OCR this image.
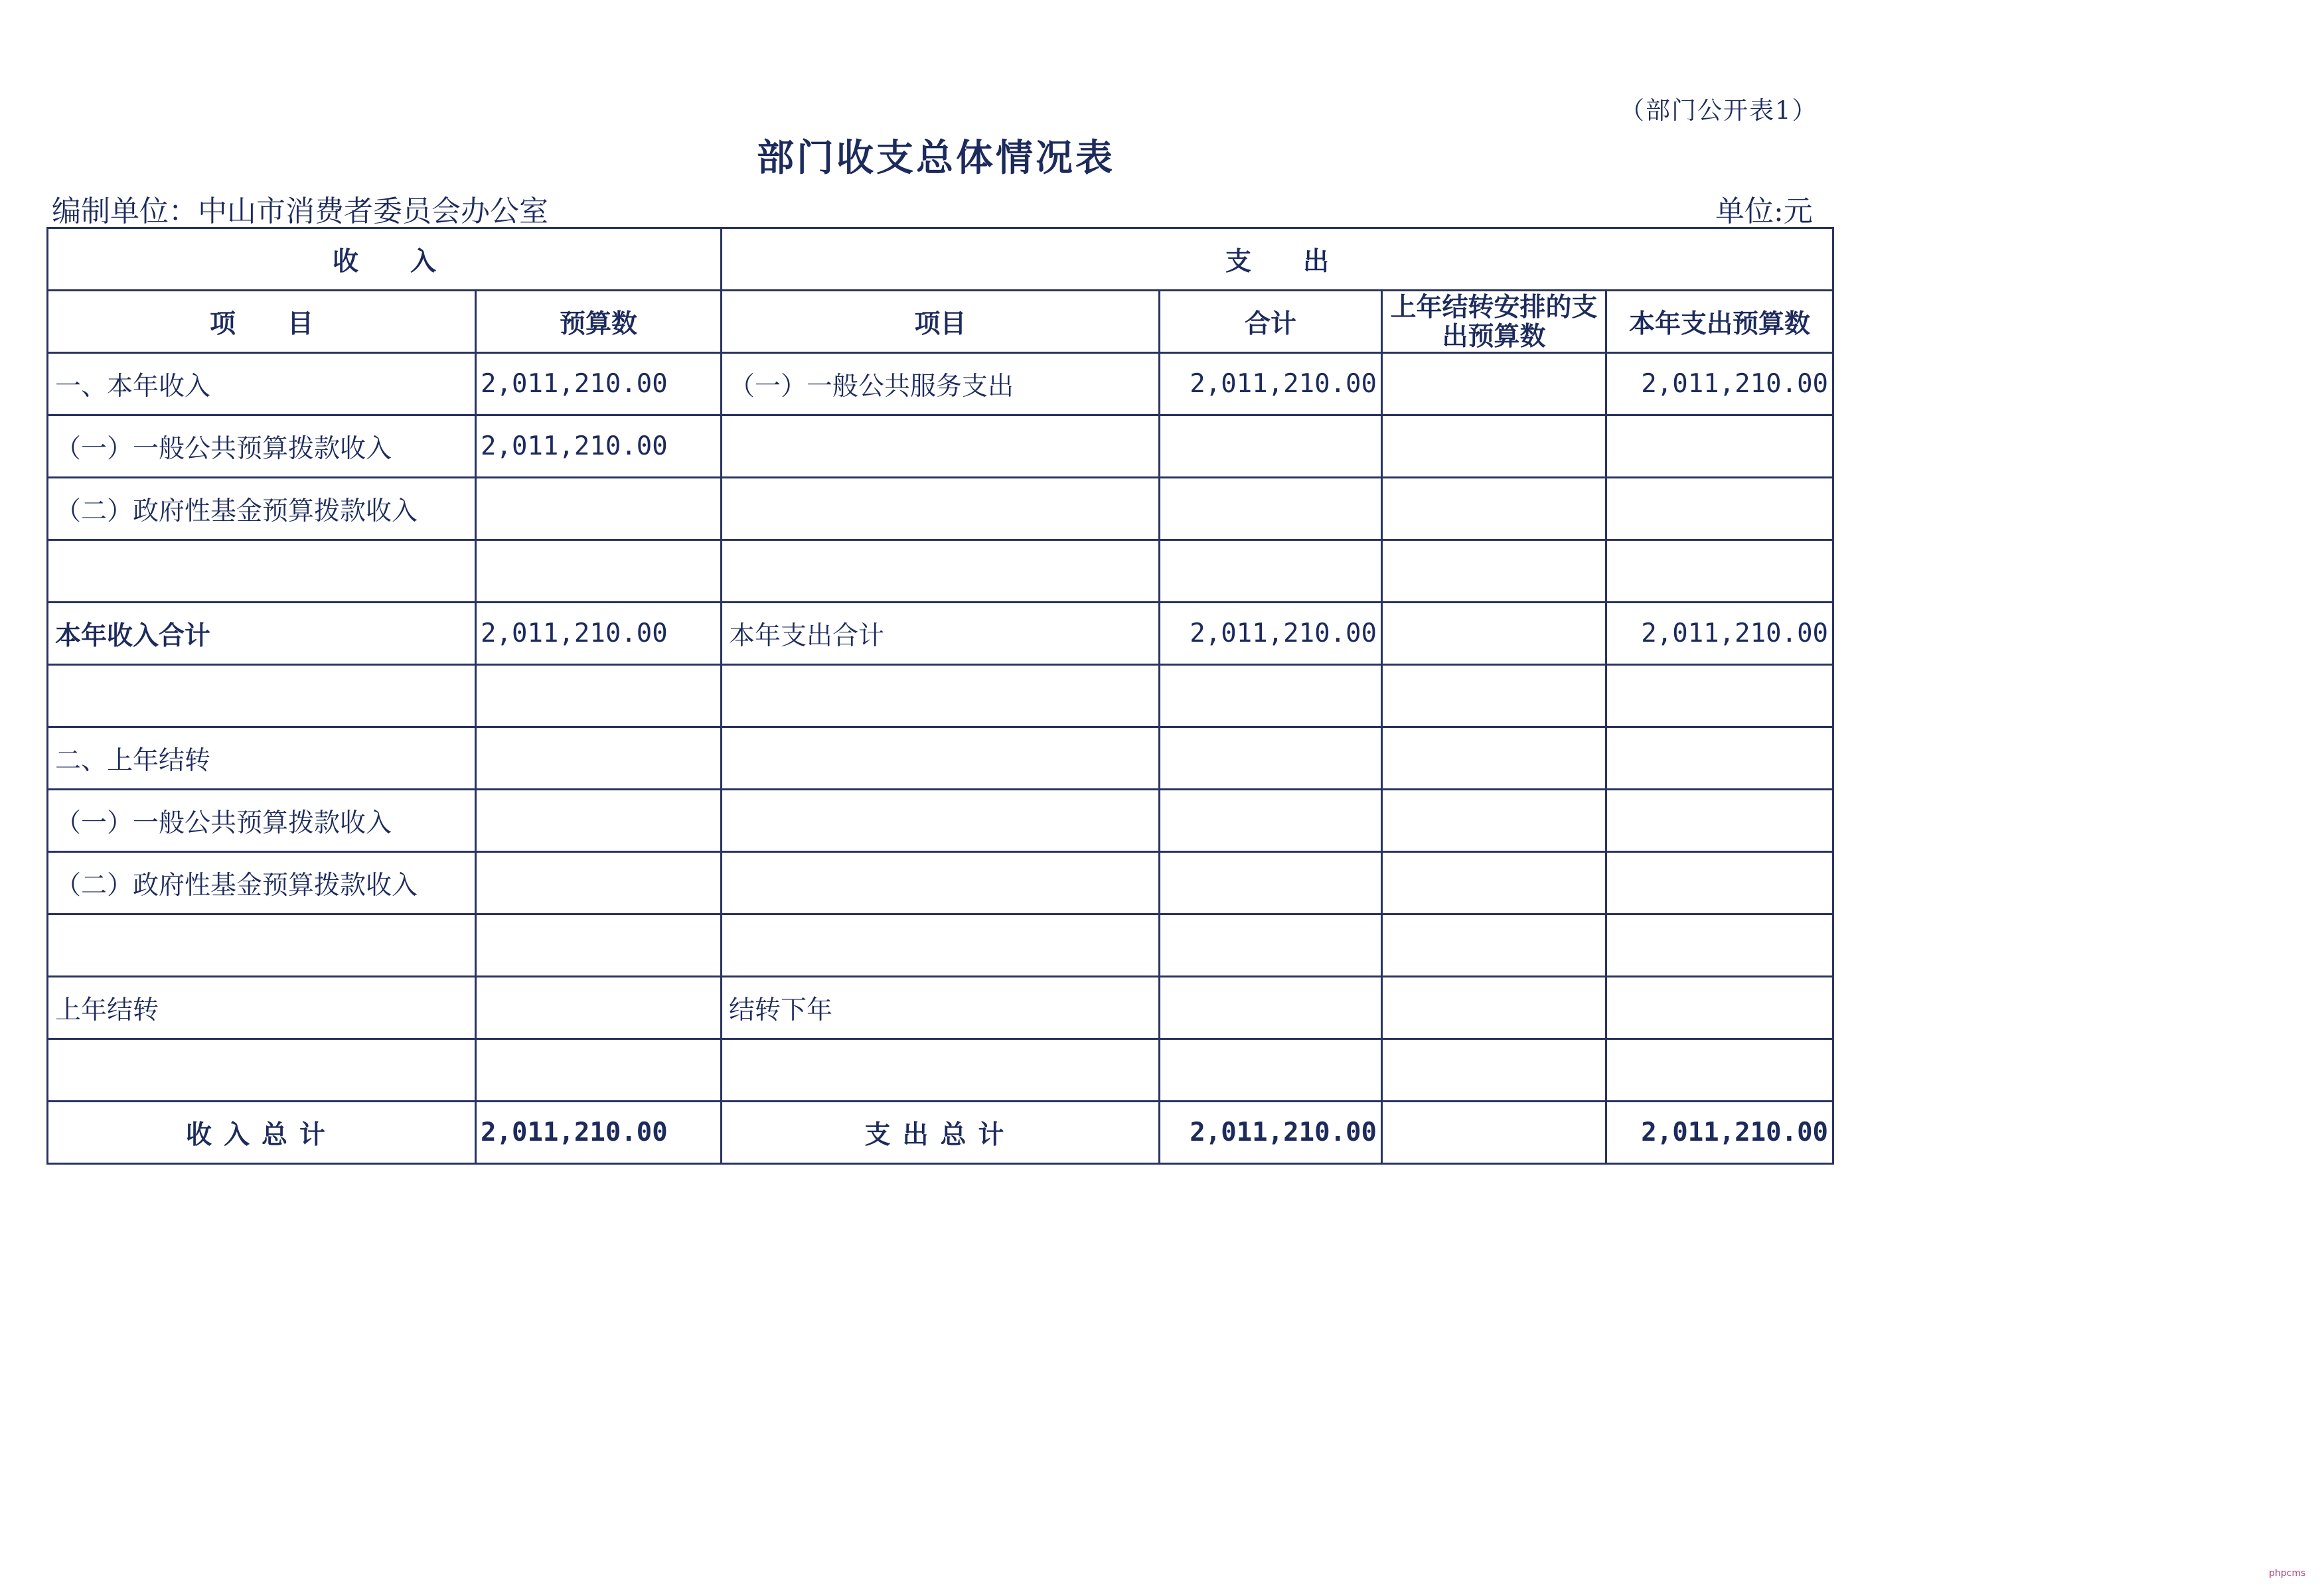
（部门公开表1）
部门收支总体情况表
编制单位：中山市消费者委员会办公室	单位:元
收　　入		支　　出			
项　　目	预算数	项目	合计	上年结转安排的支出预算数	本年支出预算数
一、本年收入	2,011,210.00	（一）一般公共服务支出	2,011,210.00		2,011,210.00
（一）一般公共预算拨款收入	2,011,210.00				
（二）政府性基金预算拨款收入					

本年收入合计	2,011,210.00	本年支出合计	2,011,210.00		2,011,210.00

二、上年结转					
（一）一般公共预算拨款收入					
（二）政府性基金预算拨款收入					

上年结转		结转下年			

收入总计	2,011,210.00	支出总计	2,011,210.00		2,011,210.00
phpcms
